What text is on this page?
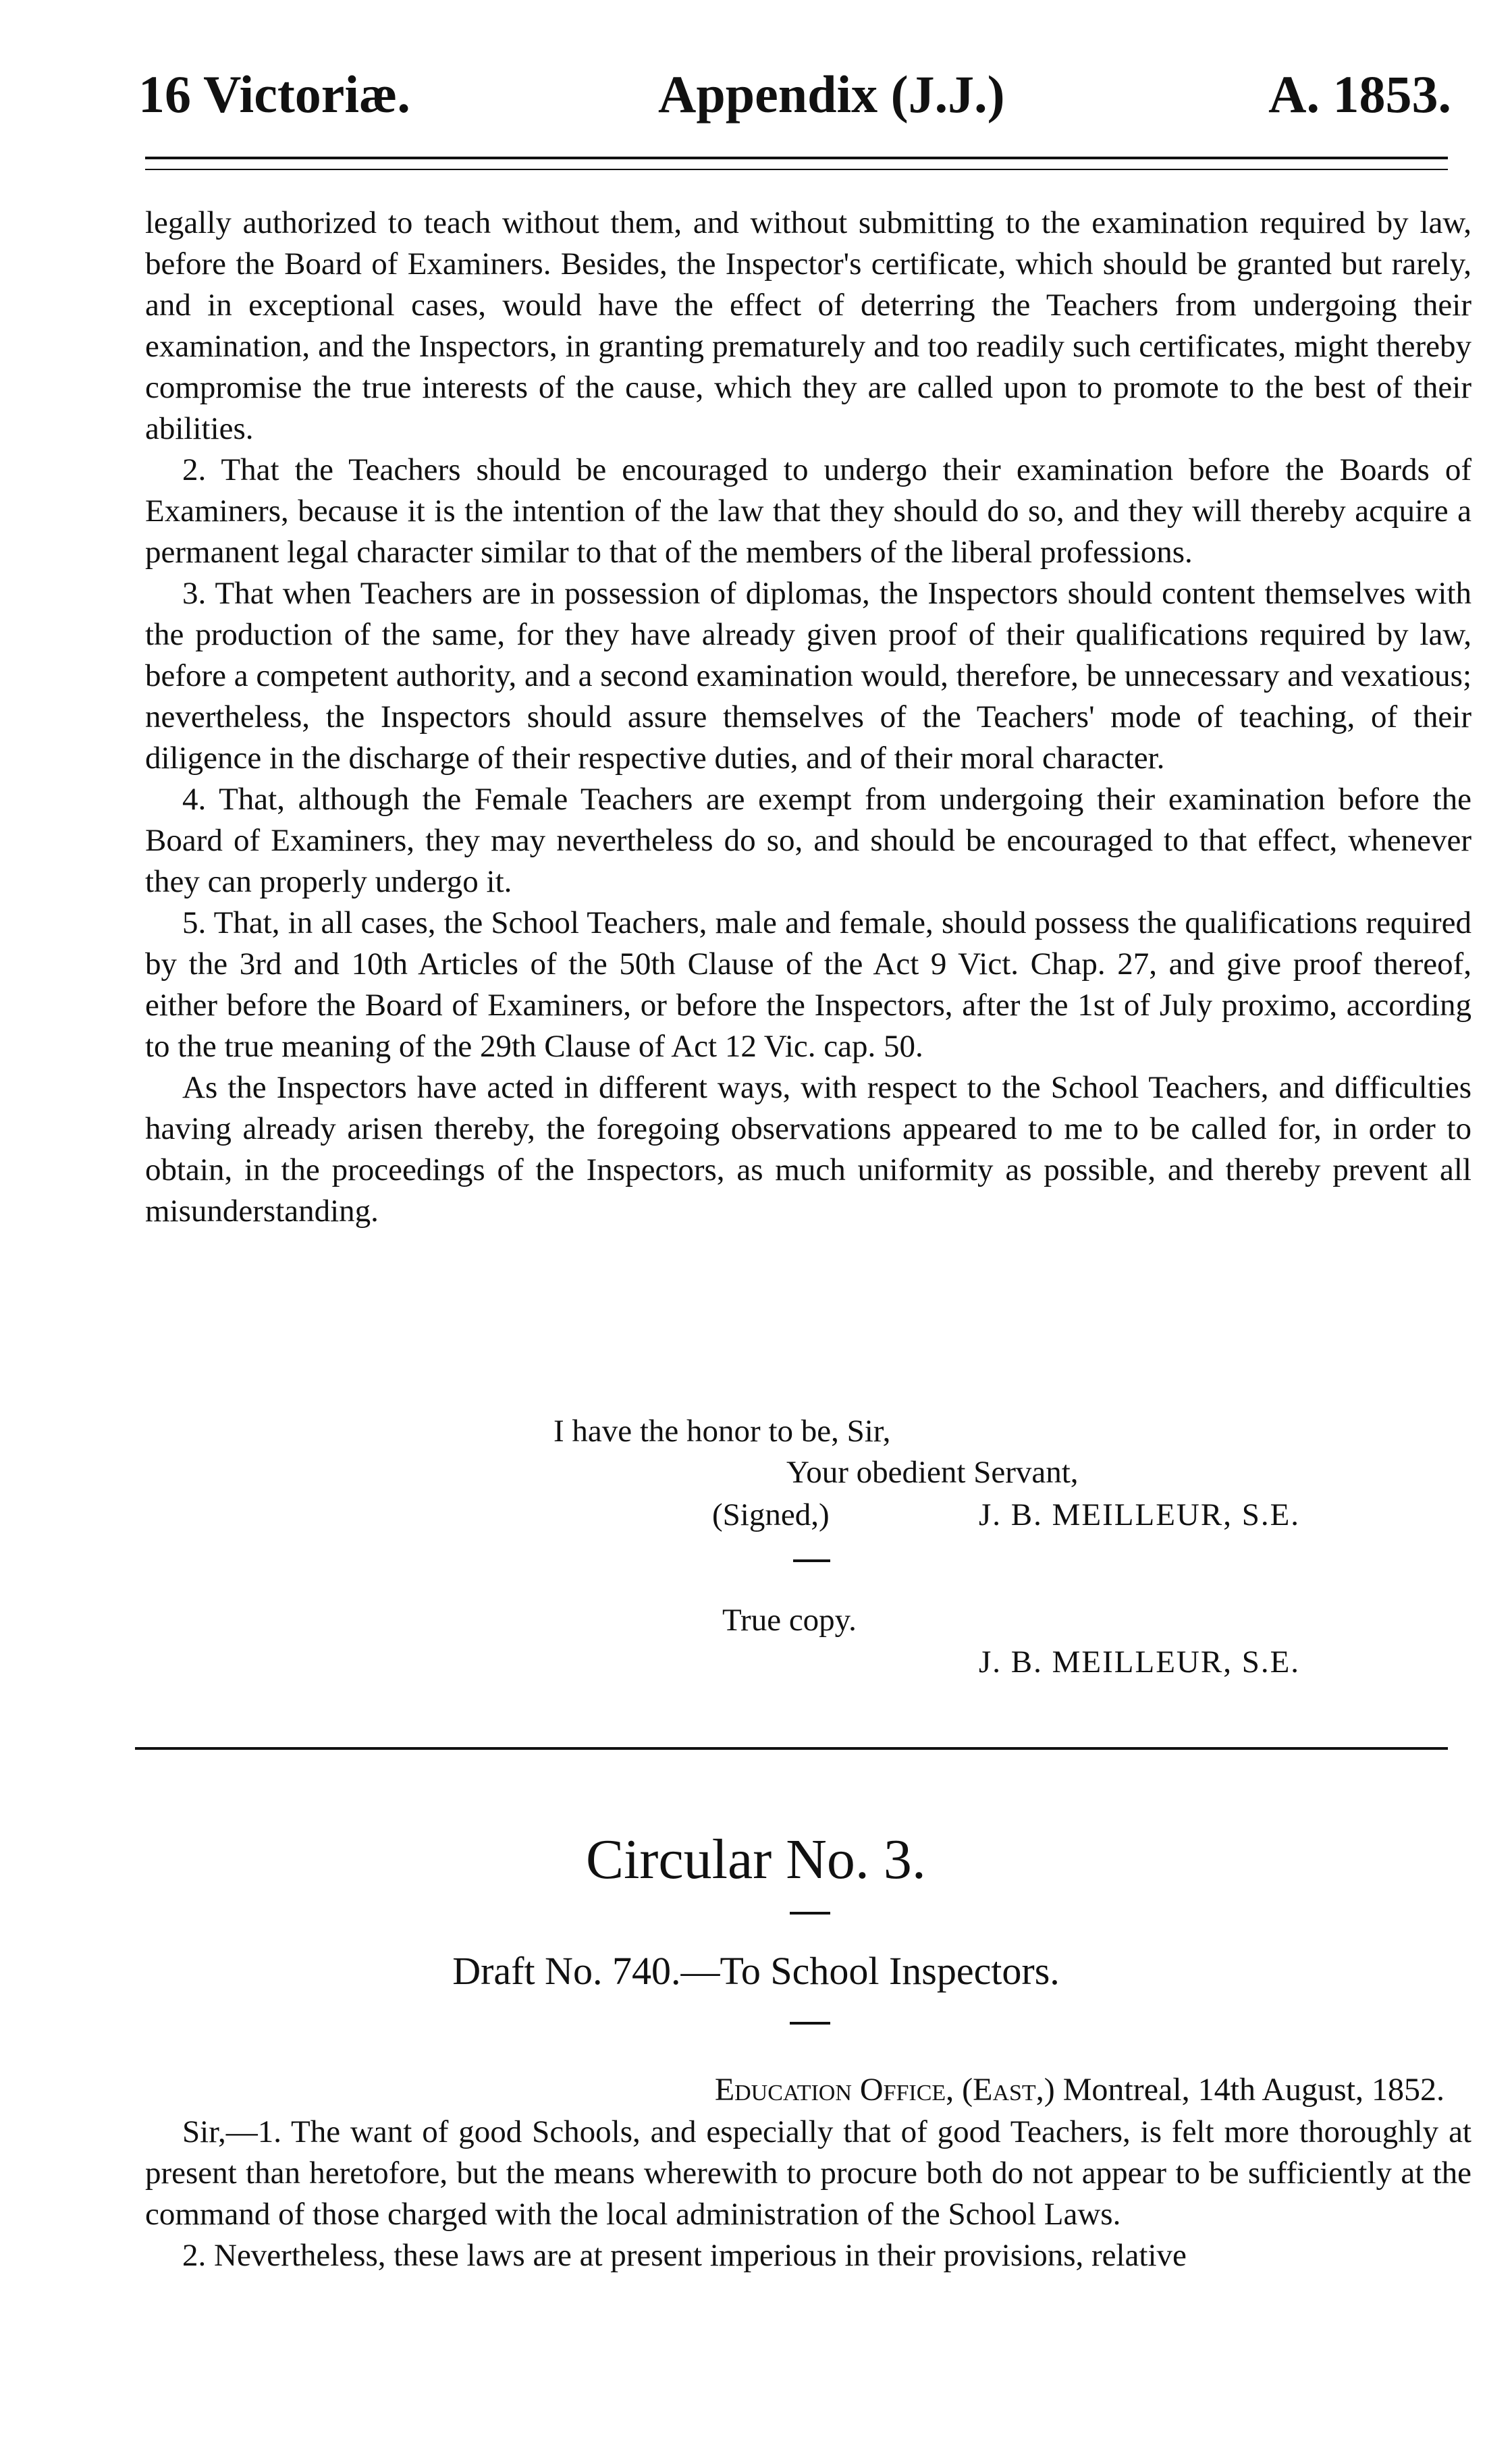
16 Victoriæ.	Appendix (J.J.)	A. 1853.

legally authorized to teach without them, and without submitting to the examination required by law, before the Board of Examiners. Besides, the Inspector's certificate, which should be granted but rarely, and in exceptional cases, would have the effect of deterring the Teachers from undergoing their examination, and the Inspectors, in granting prematurely and too readily such certificates, might thereby compromise the true interests of the cause, which they are called upon to promote to the best of their abilities.

2. That the Teachers should be encouraged to undergo their examination before the Boards of Examiners, because it is the intention of the law that they should do so, and they will thereby acquire a permanent legal character similar to that of the members of the liberal professions.

3. That when Teachers are in possession of diplomas, the Inspectors should content themselves with the production of the same, for they have already given proof of their qualifications required by law, before a competent authority, and a second examination would, therefore, be unnecessary and vexatious; nevertheless, the Inspectors should assure themselves of the Teachers' mode of teaching, of their diligence in the discharge of their respective duties, and of their moral character.

4. That, although the Female Teachers are exempt from undergoing their examination before the Board of Examiners, they may nevertheless do so, and should be encouraged to that effect, whenever they can properly undergo it.

5. That, in all cases, the School Teachers, male and female, should possess the qualifications required by the 3rd and 10th Articles of the 50th Clause of the Act 9 Vict. Chap. 27, and give proof thereof, either before the Board of Examiners, or before the Inspectors, after the 1st of July proximo, according to the true meaning of the 29th Clause of Act 12 Vic. cap. 50.

As the Inspectors have acted in different ways, with respect to the School Teachers, and difficulties having already arisen thereby, the foregoing observations appeared to me to be called for, in order to obtain, in the proceedings of the Inspectors, as much uniformity as possible, and thereby prevent all misunderstanding.

I have the honor to be, Sir,
Your obedient Servant,
(Signed,)	J. B. MEILLEUR, S.E.
True copy.
J. B. MEILLEUR, S.E.
Circular No. 3.
Draft No. 740.—To School Inspectors.
Education Office, (East,) Montreal, 14th August, 1852.

Sir,—1. The want of good Schools, and especially that of good Teachers, is felt more thoroughly at present than heretofore, but the means wherewith to procure both do not appear to be sufficiently at the command of those charged with the local administration of the School Laws.

2. Nevertheless, these laws are at present imperious in their provisions, relative
